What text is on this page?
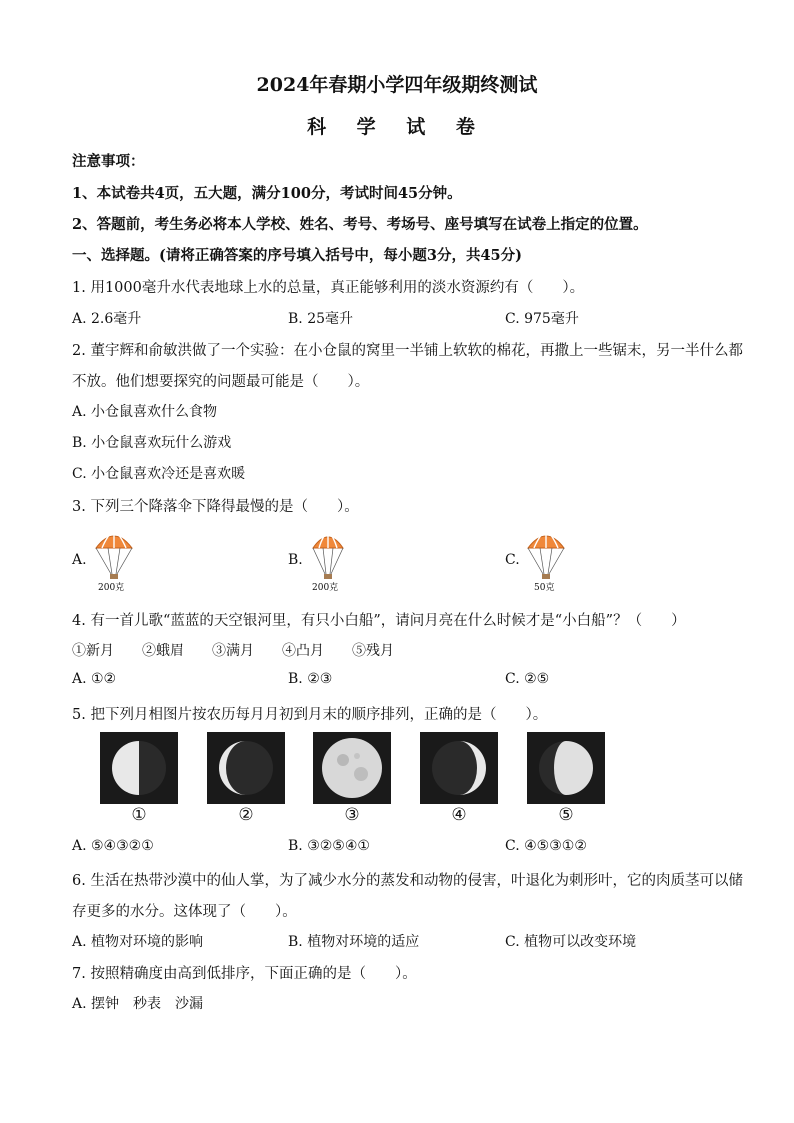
2024年春期小学四年级期终测试
科 学 试 卷
注意事项：
1、本试卷共4页，五大题，满分100分，考试时间45分钟。
2、答题前，考生务必将本人学校、姓名、考号、考场号、座号填写在试卷上指定的位置。
一、选择题。(请将正确答案的序号填入括号中，每小题3分，共45分)
1. 用1000毫升水代表地球上水的总量，真正能够利用的淡水资源约有（　　）。
A. 2.6毫升	B. 25毫升	C. 975毫升
2. 董宇辉和俞敏洪做了一个实验：在小仓鼠的窝里一半铺上软软的棉花，再撒上一些锯末，另一半什么都
不放。他们想要探究的问题最可能是（　　）。
A. 小仓鼠喜欢什么食物
B. 小仓鼠喜欢玩什么游戏
C. 小仓鼠喜欢冷还是喜欢暖
3. 下列三个降落伞下降得最慢的是（　　）。
A.
200克
B.
200克
C.
50克
4. 有一首儿歌“蓝蓝的天空银河里，有只小白船”，请问月亮在什么时候才是“小白船”？（　　）
①新月 ②蛾眉 ③满月 ④凸月 ⑤残月
A. ①②	B. ②③	C. ②⑤
5. 把下列月相图片按农历每月月初到月末的顺序排列，正确的是（　　）。
①	②	③	④	⑤
A. ⑤④③②①	B. ③②⑤④①	C. ④⑤③①②
6. 生活在热带沙漠中的仙人掌，为了减少水分的蒸发和动物的侵害，叶退化为刺形叶，它的肉质茎可以储
存更多的水分。这体现了（　　）。
A. 植物对环境的影响	B. 植物对环境的适应	C. 植物可以改变环境
7. 按照精确度由高到低排序，下面正确的是（　　）。
A. 摆钟　秒表　沙漏
